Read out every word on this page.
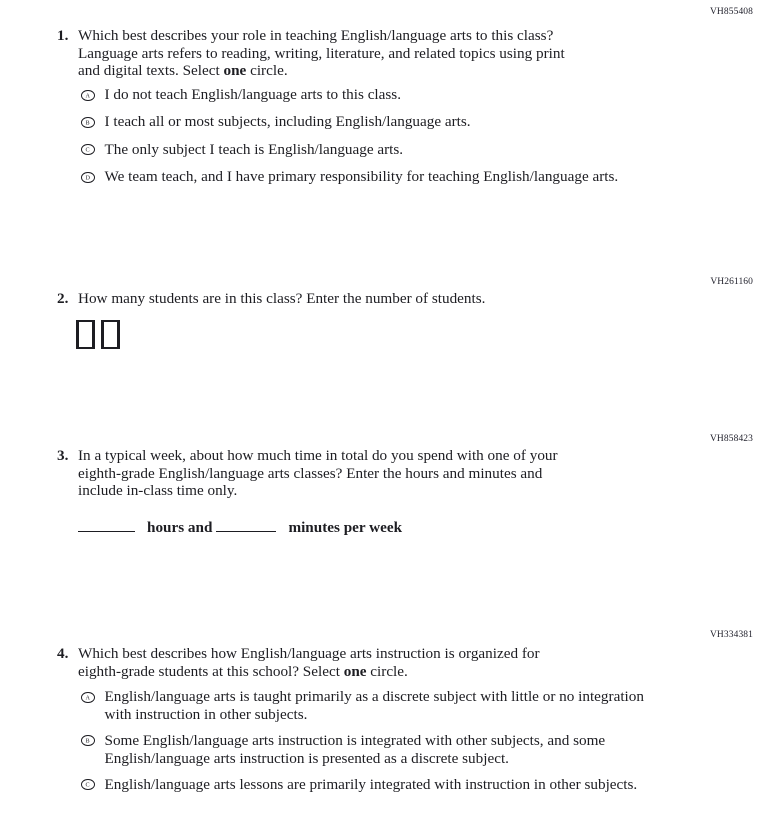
VH855408
1. Which best describes your role in teaching English/language arts to this class?
Language arts refers to reading, writing, literature, and related topics using print
and digital texts. Select one circle.
A I do not teach English/language arts to this class.
B I teach all or most subjects, including English/language arts.
C The only subject I teach is English/language arts.
D We team teach, and I have primary responsibility for teaching English/language arts.
VH261160
2. How many students are in this class? Enter the number of students.
VH858423
3. In a typical week, about how much time in total do you spend with one of your
eighth-grade English/language arts classes? Enter the hours and minutes and
include in-class time only.
hours and	minutes per week
VH334381
4. Which best describes how English/language arts instruction is organized for
eighth-grade students at this school? Select one circle.
A English/language arts is taught primarily as a discrete subject with little or no integration
with instruction in other subjects.
B Some English/language arts instruction is integrated with other subjects, and some
English/language arts instruction is presented as a discrete subject.
C English/language arts lessons are primarily integrated with instruction in other subjects.
